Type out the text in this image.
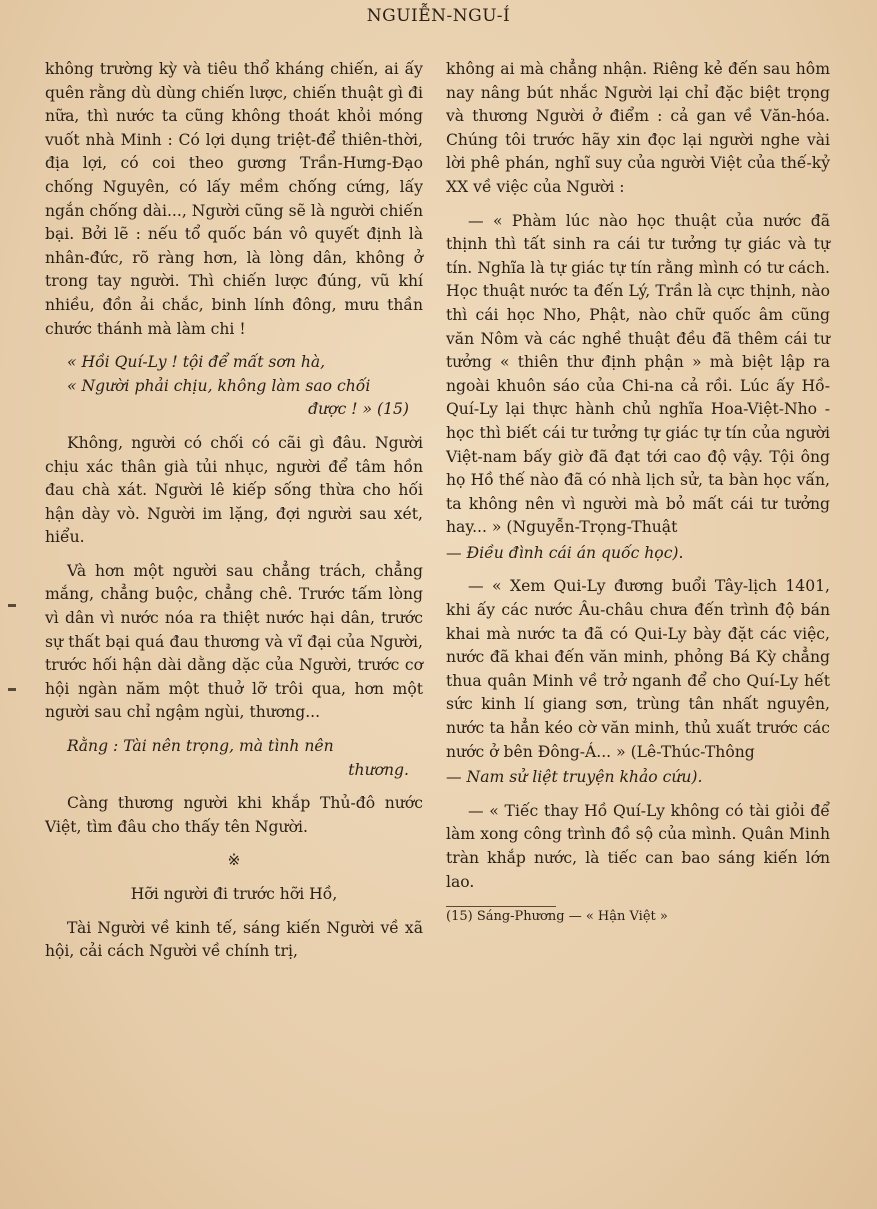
NGUIỄN-NGU-Í

không trường kỳ và tiêu thổ kháng chiến, ai ấy quên rằng dù dùng chiến lược, chiến thuật gì đi nữa, thì nước ta cũng không thoát khỏi móng vuốt nhà Minh : Có lợi dụng triệt-để thiên-thời, địa lợi, có coi theo gương Trần-Hưng-Đạo chống Nguyên, có lấy mềm chống cứng, lấy ngắn chống dài..., Người cũng sẽ là người chiến bại. Bởi lẽ : nếu tổ quốc bán vô quyết định là nhân-đức, rõ ràng hơn, là lòng dân, không ở trong tay người. Thì chiến lược đúng, vũ khí nhiều, đồn ải chắc, binh lính đông, mưu thần chước thánh mà làm chi !

« Hồi Quí-Ly ! tội để mất sơn hà,
« Người phải chịu, không làm sao chối
được ! » (15)

Không, người có chối có cãi gì đâu. Người chịu xác thân già tủi nhục, người để tâm hồn đau chà xát. Người lê kiếp sống thừa cho hối hận dày vò. Người im lặng, đợi người sau xét, hiểu.

Và hơn một người sau chẳng trách, chẳng mắng, chẳng buộc, chẳng chê. Trước tấm lòng vì dân vì nước nóa ra thiệt nước hại dân, trước sự thất bại quá đau thương và vĩ đại của Người, trước hối hận dài dằng dặc của Người, trước cơ hội ngàn năm một thuở lỡ trôi qua, hơn một người sau chỉ ngậm ngùi, thương...

Rằng : Tài nên trọng, mà tình nên
thương.

Càng thương người khi khắp Thủ-đô nước Việt, tìm đâu cho thấy tên Người.

※
Hỡi người đi trước hỡi Hồ,

Tài Người về kinh tế, sáng kiến Người về xã hội, cải cách Người về chính trị,

không ai mà chẳng nhận. Riêng kẻ đến sau hôm nay nâng bút nhắc Người lại chỉ đặc biệt trọng và thương Người ở điểm : cả gan về Văn-hóa. Chúng tôi trước hãy xin đọc lại người nghe vài lời phê phán, nghĩ suy của người Việt của thế-kỷ XX về việc của Người :

— « Phàm lúc nào học thuật của nước đã thịnh thì tất sinh ra cái tư tưởng tự giác và tự tín. Nghĩa là tự giác tự tín rằng mình có tư cách. Học thuật nước ta đến Lý, Trần là cực thịnh, nào thì cái học Nho, Phật, nào chữ quốc âm cũng văn Nôm và các nghề thuật đều đã thêm cái tư tưởng « thiên thư định phận » mà biệt lập ra ngoài khuôn sáo của Chi-na cả rồi. Lúc ấy Hồ-Quí-Ly lại thực hành chủ nghĩa Hoa-Việt-Nho - học thì biết cái tư tưởng tự giác tự tín của người Việt-nam bấy giờ đã đạt tới cao độ vậy. Tội ông họ Hồ thế nào đã có nhà lịch sử, ta bàn học vấn, ta không nên vì người mà bỏ mất cái tư tưởng hay... » (Nguyễn-Trọng-Thuật

— Điều đình cái án quốc học).

— « Xem Qui-Ly đương buổi Tây-lịch 1401, khi ấy các nước Âu-châu chưa đến trình độ bán khai mà nước ta đã có Qui-Ly bày đặt các việc, nước đã khai đến văn minh, phỏng Bá Kỳ chẳng thua quân Minh về trở nganh để cho Quí-Ly hết sức kinh lí giang sơn, trùng tân nhất nguyên, nước ta hẳn kéo cờ văn minh, thủ xuất trước các nước ở bên Đông-Á... » (Lê-Thúc-Thông

— Nam sử liệt truyện khảo cứu).

— « Tiếc thay Hồ Quí-Ly không có tài giỏi để làm xong công trình đồ sộ của mình. Quân Minh tràn khắp nước, là tiếc can bao sáng kiến lớn lao.

(15) Sáng-Phương — « Hận Việt »
